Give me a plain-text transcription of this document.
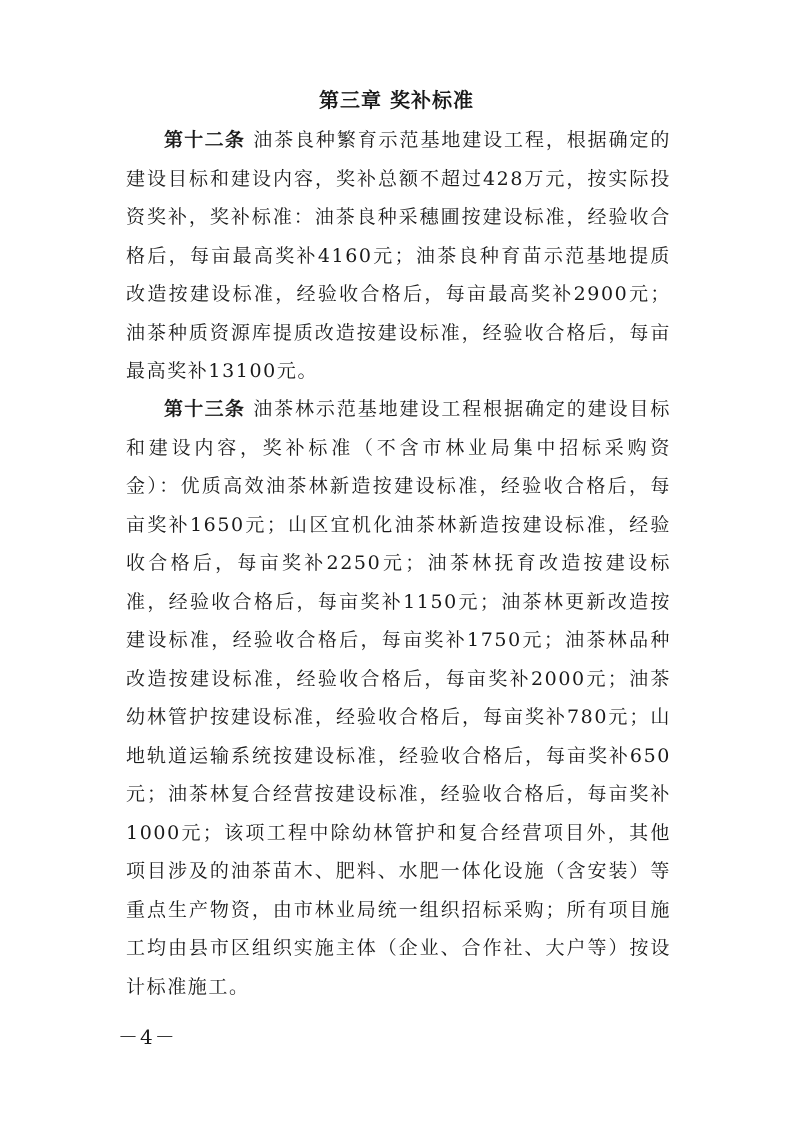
第三章 奖补标准

第十二条 油茶良种繁育示范基地建设工程，根据确定的建设目标和建设内容，奖补总额不超过428万元，按实际投资奖补，奖补标准：油茶良种采穗圃按建设标准，经验收合格后，每亩最高奖补4160元；油茶良种育苗示范基地提质改造按建设标准，经验收合格后，每亩最高奖补2900元；油茶种质资源库提质改造按建设标准，经验收合格后，每亩最高奖补13100元。

第十三条 油茶林示范基地建设工程根据确定的建设目标和建设内容，奖补标准（不含市林业局集中招标采购资金）：优质高效油茶林新造按建设标准，经验收合格后，每亩奖补1650元；山区宜机化油茶林新造按建设标准，经验收合格后，每亩奖补2250元；油茶林抚育改造按建设标准，经验收合格后，每亩奖补1150元；油茶林更新改造按建设标准，经验收合格后，每亩奖补1750元；油茶林品种改造按建设标准，经验收合格后，每亩奖补2000元；油茶幼林管护按建设标准，经验收合格后，每亩奖补780元；山地轨道运输系统按建设标准，经验收合格后，每亩奖补650元；油茶林复合经营按建设标准，经验收合格后，每亩奖补1000元；该项工程中除幼林管护和复合经营项目外，其他项目涉及的油茶苗木、肥料、水肥一体化设施（含安装）等重点生产物资，由市林业局统一组织招标采购；所有项目施工均由县市区组织实施主体（企业、合作社、大户等）按设计标准施工。

－4－
